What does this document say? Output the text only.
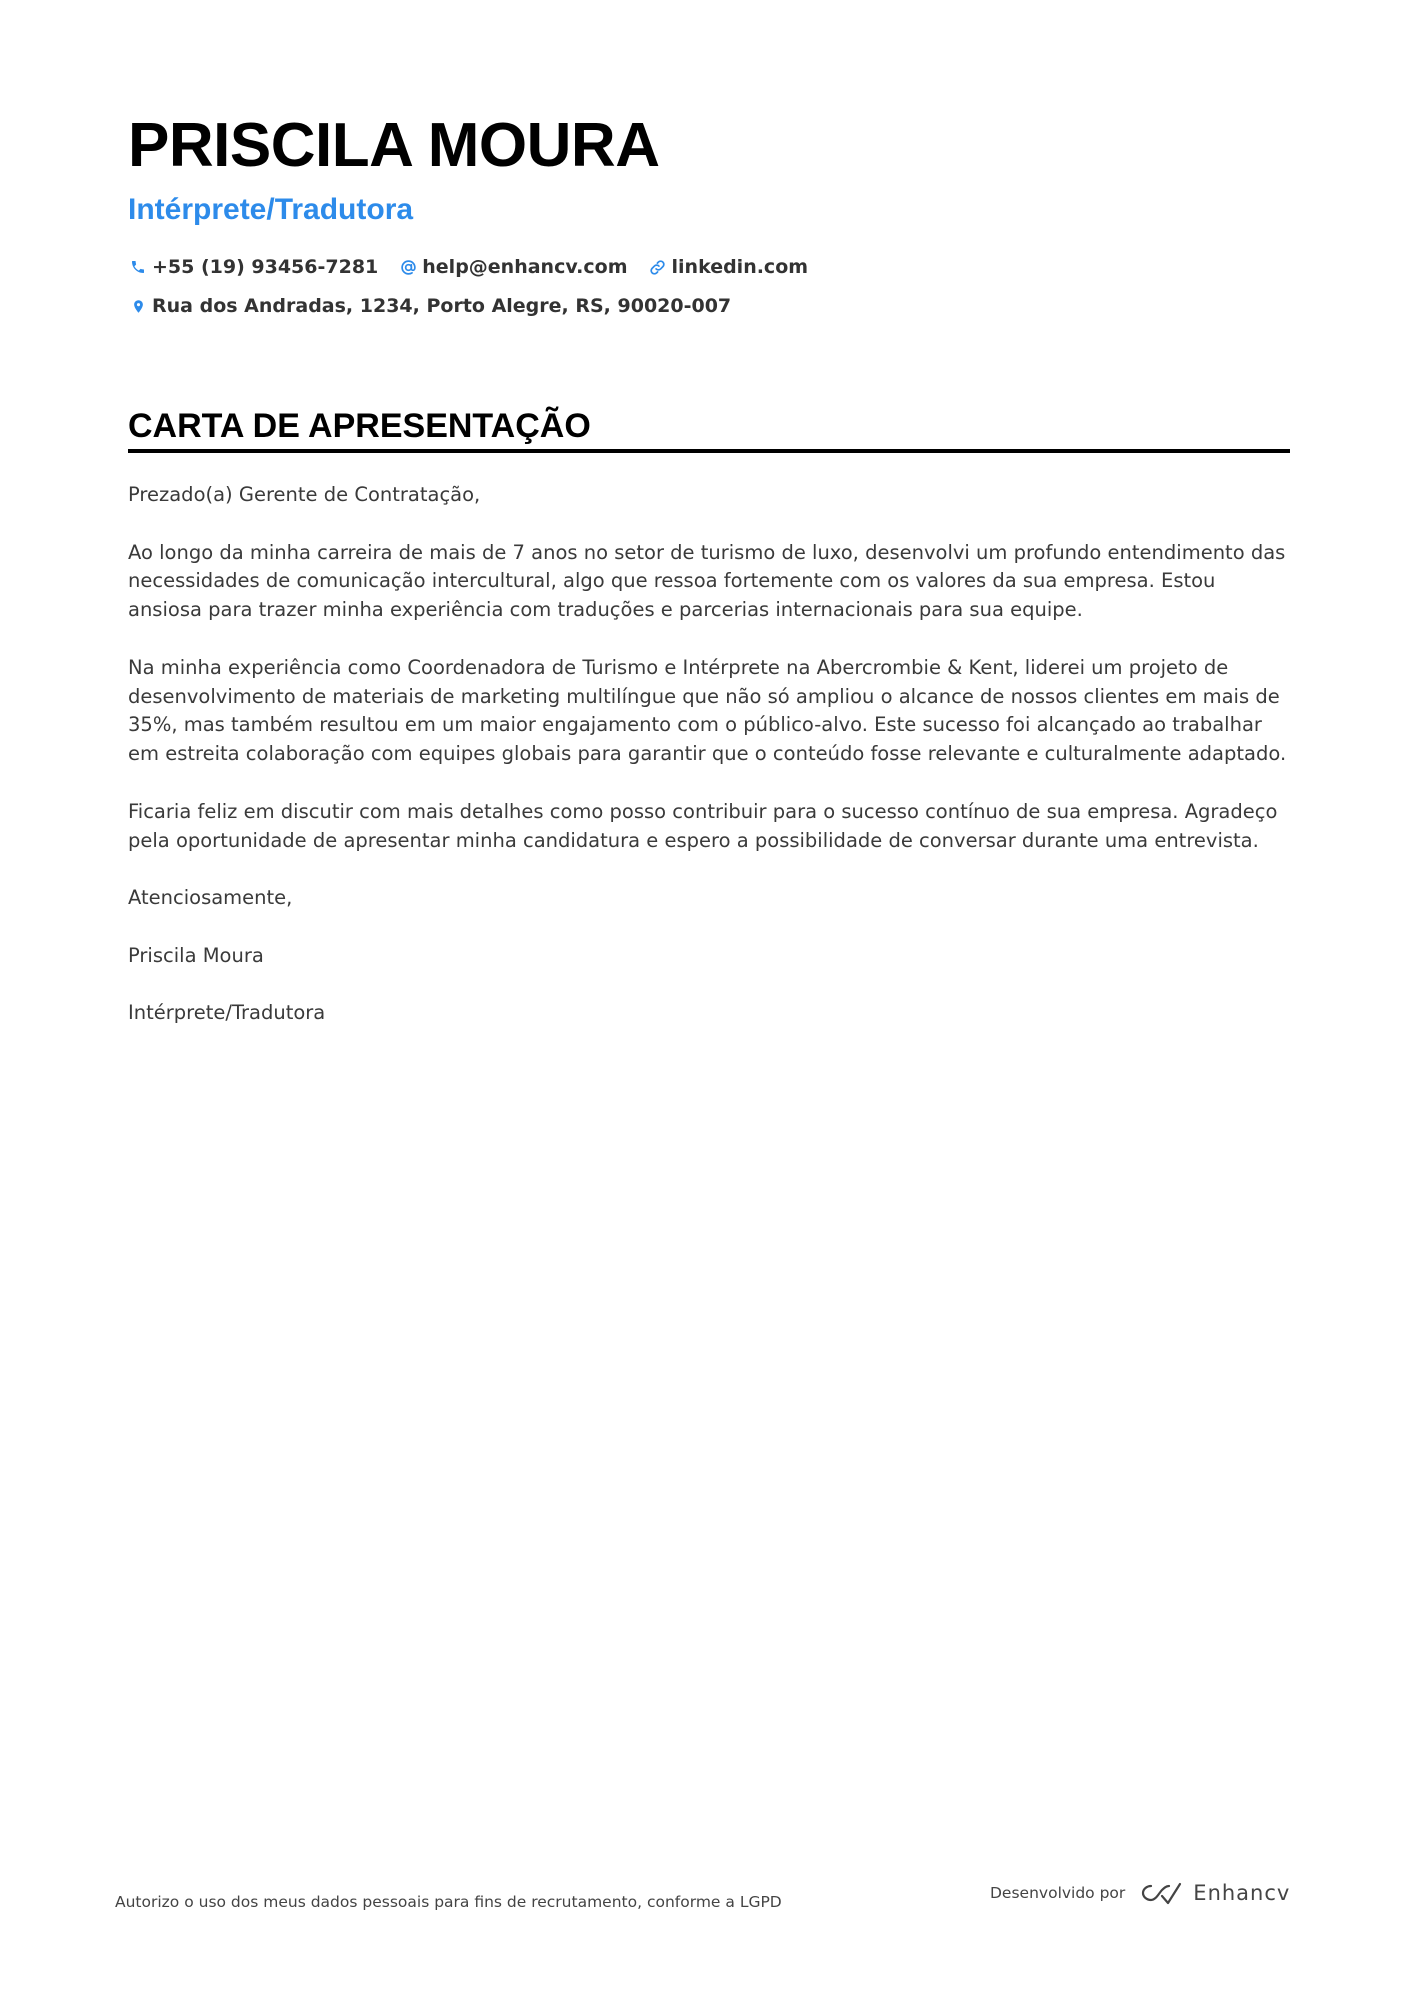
PRISCILA MOURA
Intérprete/Tradutora
+55 (19) 93456-7281 help@enhancv.com linkedin.com
Rua dos Andradas, 1234, Porto Alegre, RS, 90020-007
CARTA DE APRESENTAÇÃO

Prezado(a) Gerente de Contratação,

Ao longo da minha carreira de mais de 7 anos no setor de turismo de luxo, desenvolvi um profundo entendimento das necessidades de comunicação intercultural, algo que ressoa fortemente com os valores da sua empresa. Estou ansiosa para trazer minha experiência com traduções e parcerias internacionais para sua equipe.

Na minha experiência como Coordenadora de Turismo e Intérprete na Abercrombie & Kent, liderei um projeto de desenvolvimento de materiais de marketing multilíngue que não só ampliou o alcance de nossos clientes em mais de 35%, mas também resultou em um maior engajamento com o público-alvo. Este sucesso foi alcançado ao trabalhar em estreita colaboração com equipes globais para garantir que o conteúdo fosse relevante e culturalmente adaptado.

Ficaria feliz em discutir com mais detalhes como posso contribuir para o sucesso contínuo de sua empresa. Agradeço pela oportunidade de apresentar minha candidatura e espero a possibilidade de conversar durante uma entrevista.

Atenciosamente,

Priscila Moura

Intérprete/Tradutora

Autorizo o uso dos meus dados pessoais para fins de recrutamento, conforme a LGPD	Desenvolvido por	Enhancv
